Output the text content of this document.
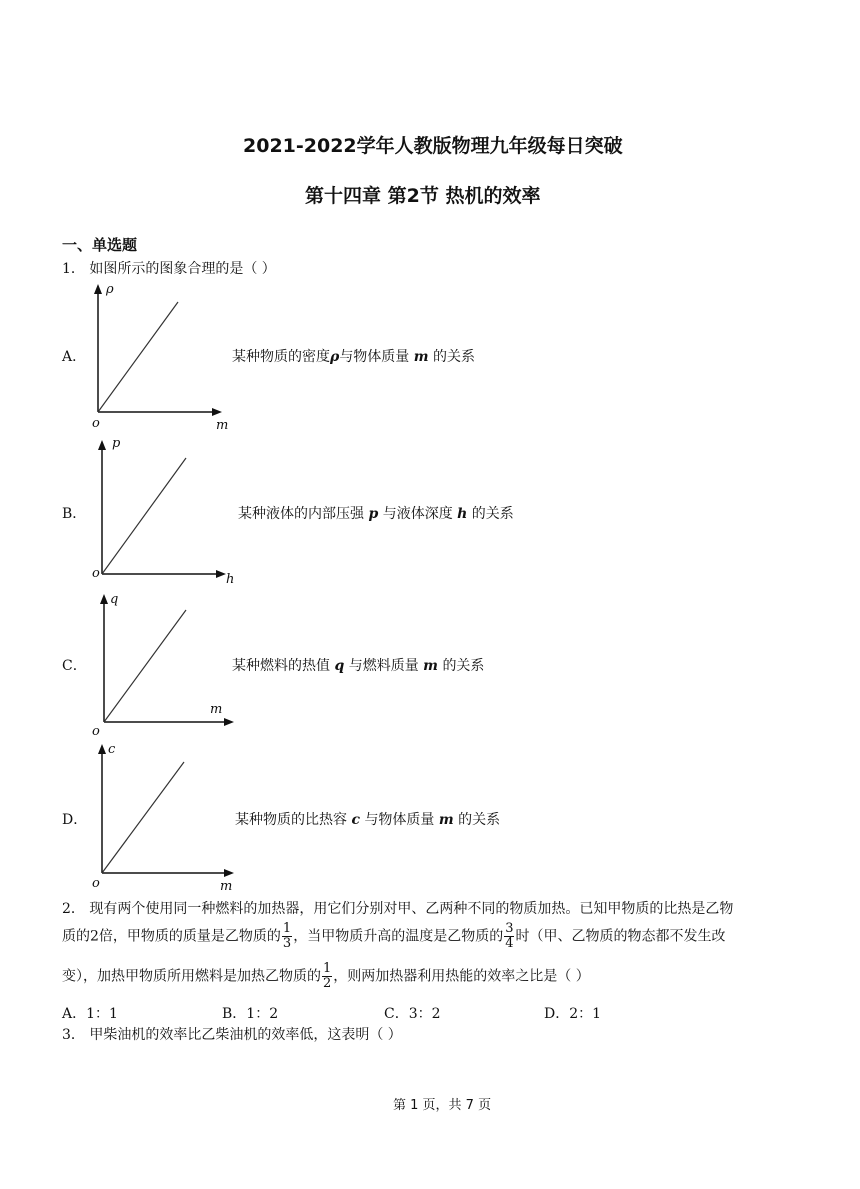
2021-2022学年人教版物理九年级每日突破
第十四章 第2节 热机的效率
一、单选题
1． 如图所示的图象合理的是（ ）
A．
ρ
m
o
某种物质的密度ρ与物体质量 m 的关系
B．
p
h
o
某种液体的内部压强 p 与液体深度 h 的关系
C．
q
m
o
某种燃料的热值 q 与燃料质量 m 的关系
D．
c
m
o
某种物质的比热容 c 与物体质量 m 的关系
2． 现有两个使用同一种燃料的加热器，用它们分别对甲、乙两种不同的物质加热。已知甲物质的比热是乙物
质的2倍，甲物质的质量是乙物质的 $\frac{1}{3}$ ，当甲物质升高的温度是乙物质的 $\frac{3}{4}$ 时（甲、乙物质的物态都不发生改
变），加热甲物质所用燃料是加热乙物质的 $\frac{1}{2}$ ，则两加热器利用热能的效率之比是（ ）
A．1：1	B．1：2	C．3：2	D．2：1
3． 甲柴油机的效率比乙柴油机的效率低，这表明（ ）
第 1 页，共 7 页
